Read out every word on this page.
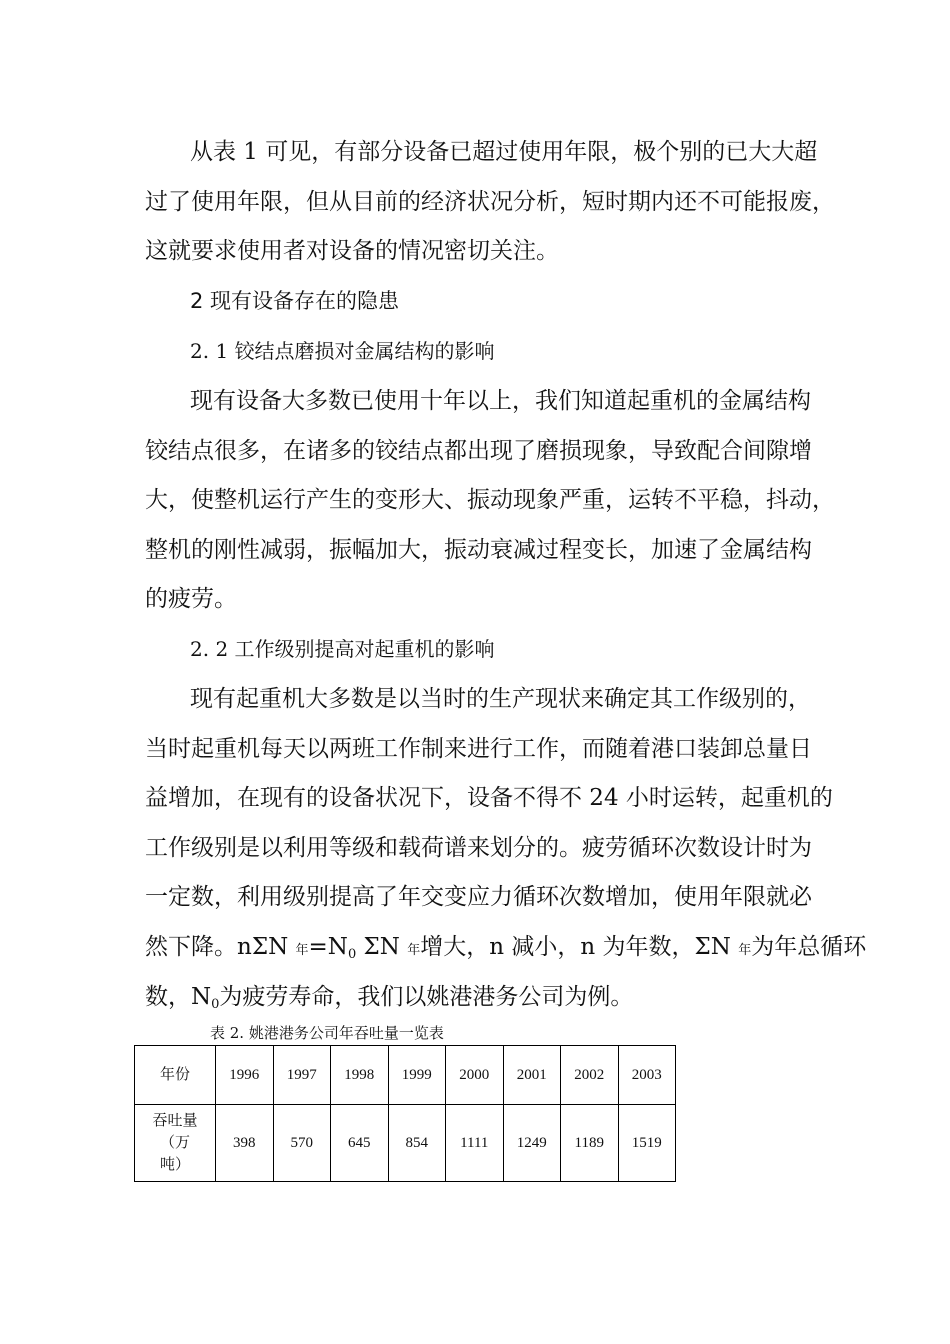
从表 1 可见，有部分设备已超过使用年限，极个别的已大大超
过了使用年限，但从目前的经济状况分析，短时期内还不可能报废，
这就要求使用者对设备的情况密切关注。
2 现有设备存在的隐患
2. 1 铰结点磨损对金属结构的影响
现有设备大多数已使用十年以上，我们知道起重机的金属结构
铰结点很多，在诸多的铰结点都出现了磨损现象，导致配合间隙增
大，使整机运行产生的变形大、振动现象严重，运转不平稳，抖动，
整机的刚性减弱，振幅加大，振动衰减过程变长，加速了金属结构
的疲劳。
2. 2 工作级别提高对起重机的影响
现有起重机大多数是以当时的生产现状来确定其工作级别的，
当时起重机每天以两班工作制来进行工作，而随着港口装卸总量日
益增加，在现有的设备状况下，设备不得不 24 小时运转，起重机的
工作级别是以利用等级和载荷谱来划分的。疲劳循环次数设计时为
一定数，利用级别提高了年交变应力循环次数增加，使用年限就必
然下降。nΣN 年$=N_0$ ΣN 年增大，n 减小，n 为年数，ΣN 年为年总循环
数，$N_0$为疲劳寿命，我们以姚港港务公司为例。
表 2. 姚港港务公司年吞吐量一览表
年份	1996	1997	1998	1999	2000	2001	2002	2003
吞吐量
（万
吨）	398	570	645	854	1111	1249	1189	1519
